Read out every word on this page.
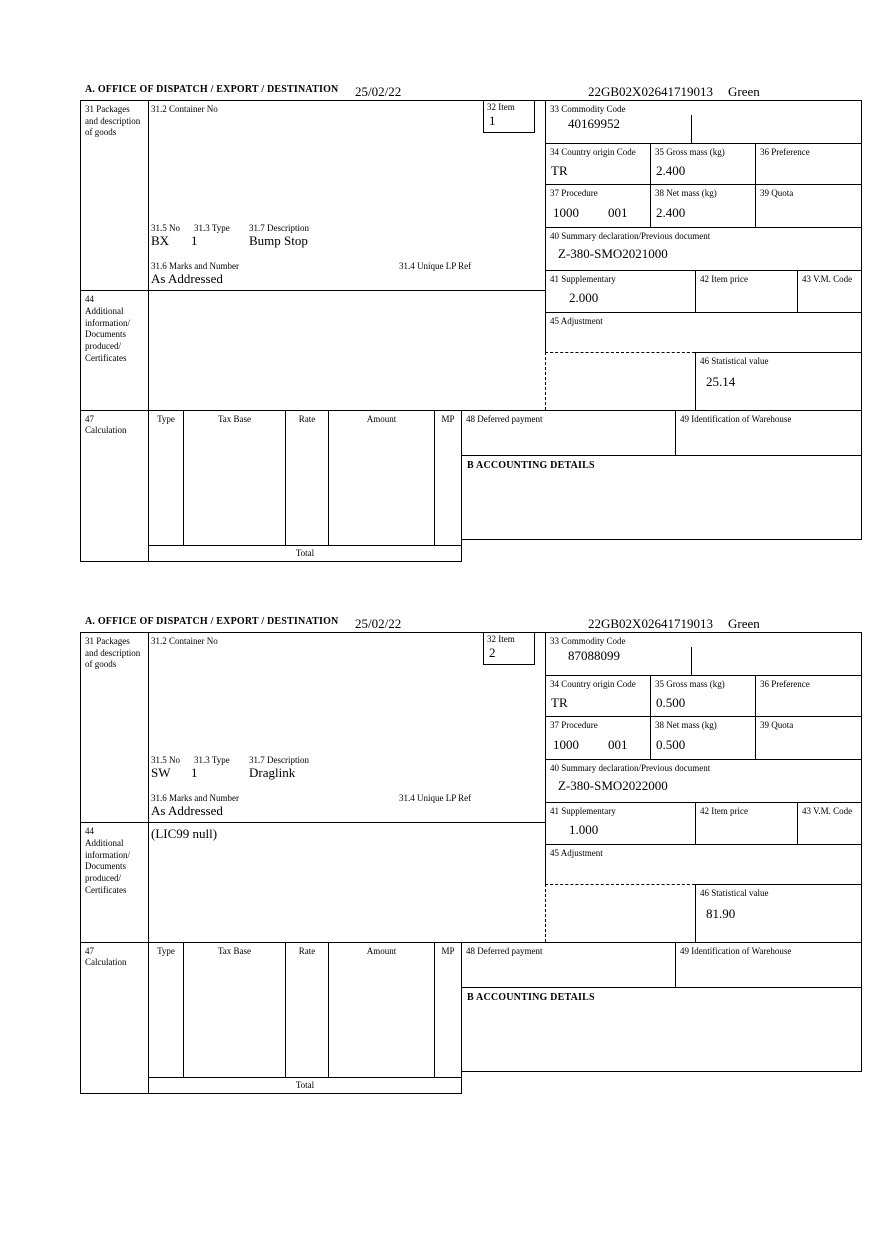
A. OFFICE OF DISPATCH / EXPORT / DESTINATION 25/02/22	22GB02X02641719013 Green
31 Packages and description of goods
44
Additional information/ Documents produced/ Certificates
47
Calculation
31.2 Container No
31.5 No 31.3 Type 31.7 Description
BX 1	Bump Stop
31.6 Marks and Number	31.4 Unique LP Ref
As Addressed
32 Item
1
33 Commodity Code
40169952
34 Country origin Code
TR
35 Gross mass (kg)
2.400
36 Preference
37 Procedure
1000 001
38 Net mass (kg)
2.400
39 Quota
40 Summary declaration/Previous document
Z-380-SMO2021000
41 Supplementary
2.000
42 Item price	43 V.M. Code
45 Adjustment
46 Statistical value
25.14
Type	Tax Base	Rate	Amount	MP
Total
48 Deferred payment	49 Identification of Warehouse
B ACCOUNTING DETAILS
A. OFFICE OF DISPATCH / EXPORT / DESTINATION 25/02/22	22GB02X02641719013 Green
31 Packages and description of goods
44
Additional information/ Documents produced/ Certificates
47
Calculation
31.2 Container No
31.5 No 31.3 Type 31.7 Description
SW 1	Draglink
31.6 Marks and Number	31.4 Unique LP Ref
As Addressed
32 Item
2
(LIC99 null)
33 Commodity Code
87088099
34 Country origin Code
TR
35 Gross mass (kg)
0.500
36 Preference
37 Procedure
1000 001
38 Net mass (kg)
0.500
39 Quota
40 Summary declaration/Previous document
Z-380-SMO2022000
41 Supplementary
1.000
42 Item price	43 V.M. Code
45 Adjustment
46 Statistical value
81.90
Type	Tax Base	Rate	Amount	MP
Total
48 Deferred payment	49 Identification of Warehouse
B ACCOUNTING DETAILS
